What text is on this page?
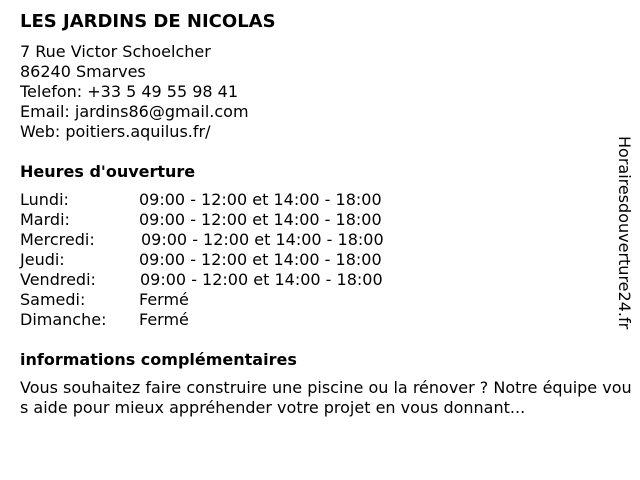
LES JARDINS DE NICOLAS
7 Rue Victor Schoelcher
86240 Smarves
Telefon: +33 5 49 55 98 41
Email: jardins86@gmail.com
Web: poitiers.aquilus.fr/
Heures d'ouverture
Lundi:	09:00 - 12:00 et 14:00 - 18:00
Mardi:	09:00 - 12:00 et 14:00 - 18:00
Mercredi:	09:00 - 12:00 et 14:00 - 18:00
Jeudi:	09:00 - 12:00 et 14:00 - 18:00
Vendredi:	09:00 - 12:00 et 14:00 - 18:00
Samedi:	Fermé
Dimanche:	Fermé
informations complémentaires
Vous souhaitez faire construire une piscine ou la rénover ? Notre équipe vous aide pour mieux appréhender votre projet en vous donnant...
Horairesdouverture24.fr
